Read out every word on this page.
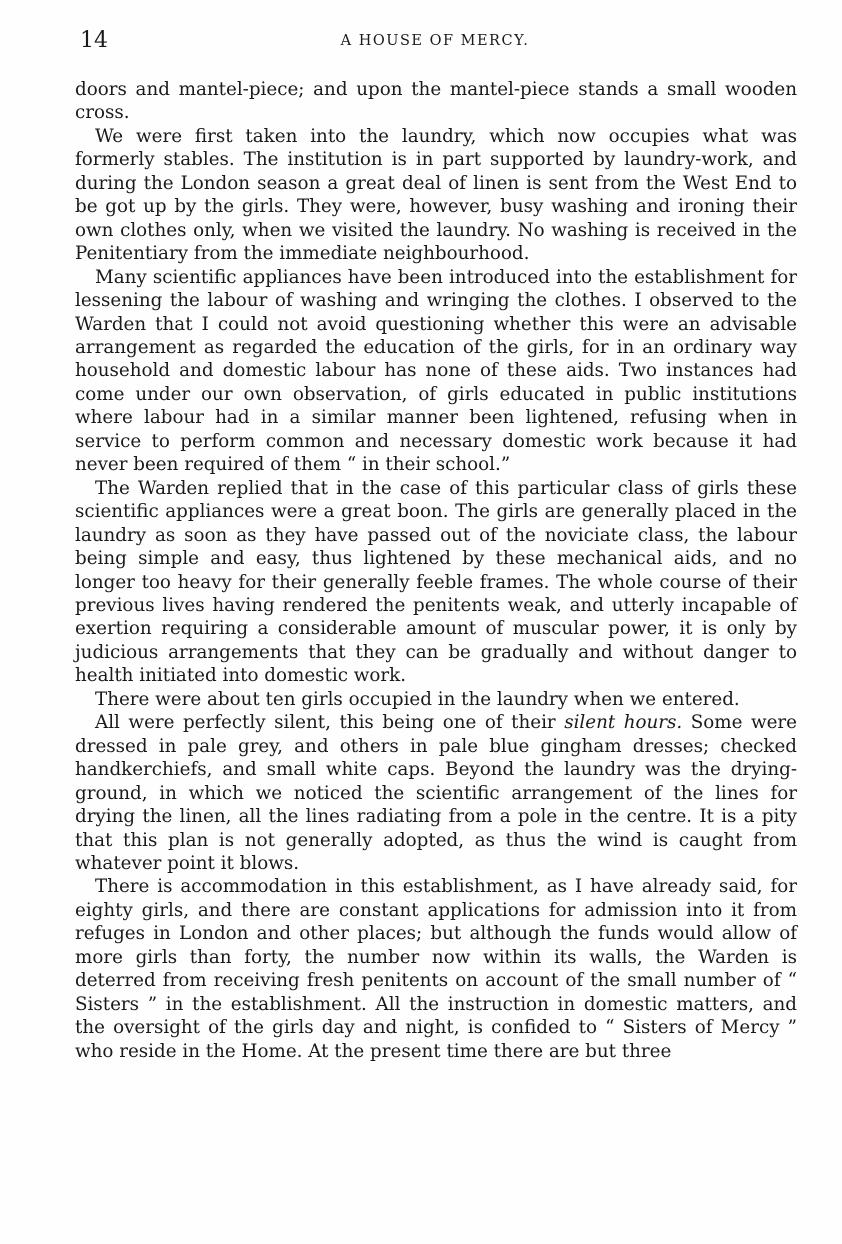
14	A HOUSE OF MERCY.

doors and mantel-piece; and upon the mantel-piece stands a small wooden cross.

We were first taken into the laundry, which now occupies what was formerly stables. The institution is in part supported by laundry-work, and during the London season a great deal of linen is sent from the West End to be got up by the girls. They were, however, busy washing and ironing their own clothes only, when we visited the laundry. No washing is received in the Penitentiary from the immediate neighbourhood.

Many scientific appliances have been introduced into the establishment for lessening the labour of washing and wringing the clothes. I observed to the Warden that I could not avoid questioning whether this were an advisable arrangement as regarded the education of the girls, for in an ordinary way household and domestic labour has none of these aids. Two instances had come under our own observation, of girls educated in public institutions where labour had in a similar manner been lightened, refusing when in service to perform common and necessary domestic work because it had never been required of them “ in their school.”

The Warden replied that in the case of this particular class of girls these scientific appliances were a great boon. The girls are generally placed in the laundry as soon as they have passed out of the noviciate class, the labour being simple and easy, thus lightened by these mechanical aids, and no longer too heavy for their generally feeble frames. The whole course of their previous lives having rendered the penitents weak, and utterly incapable of exertion requiring a considerable amount of muscular power, it is only by judicious arrangements that they can be gradually and without danger to health initiated into domestic work.

There were about ten girls occupied in the laundry when we entered.

All were perfectly silent, this being one of their silent hours. Some were dressed in pale grey, and others in pale blue gingham dresses; checked handkerchiefs, and small white caps. Beyond the laundry was the drying-ground, in which we noticed the scientific arrangement of the lines for drying the linen, all the lines radiating from a pole in the centre. It is a pity that this plan is not generally adopted, as thus the wind is caught from whatever point it blows.

There is accommodation in this establishment, as I have already said, for eighty girls, and there are constant applications for admission into it from refuges in London and other places; but although the funds would allow of more girls than forty, the number now within its walls, the Warden is deterred from receiving fresh penitents on account of the small number of “ Sisters ” in the establishment. All the instruction in domestic matters, and the oversight of the girls day and night, is confided to “ Sisters of Mercy ” who reside in the Home. At the present time there are but three
